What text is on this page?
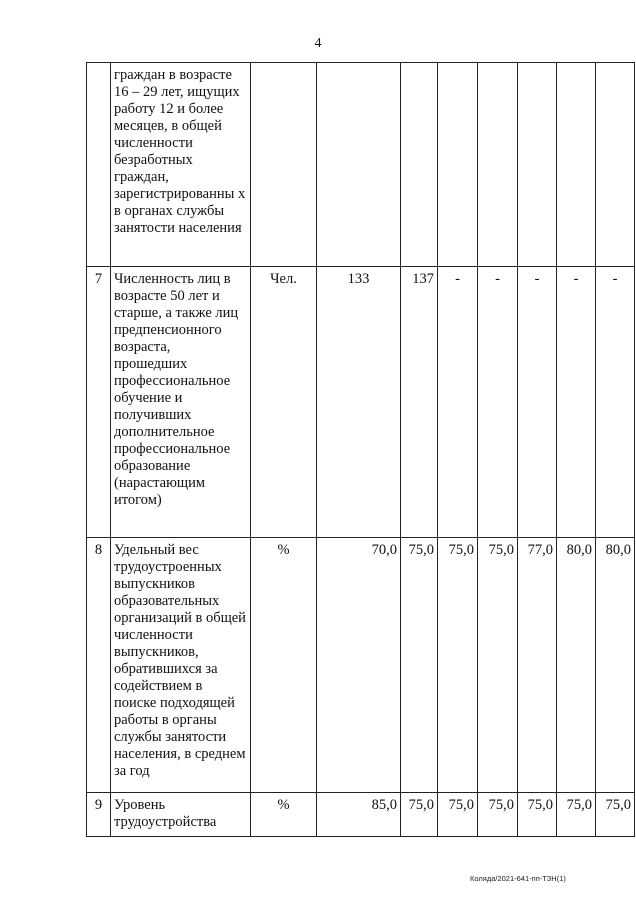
4
	граждан в возрасте 16 – 29 лет, ищущих работу 12 и более месяцев, в общей численности безработных граждан, зарегистрированны х в органах службы занятости населения								
7	Численность лиц в возрасте 50 лет и старше, а также лиц предпенсионного возраста, прошедших профессиональное обучение и получивших дополнительное профессиональное образование (нарастающим итогом)	Чел.	133	137	-	-	-	-	-
8	Удельный вес трудоустроенных выпускников образовательных организаций в общей численности выпускников, обратившихся за содействием в поиске подходящей работы в органы службы занятости населения, в среднем за год	%	70,0	75,0	75,0	75,0	77,0	80,0	80,0
9	Уровень трудоустройства	%	85,0	75,0	75,0	75,0	75,0	75,0	75,0
Коляда/2021-641-пп-ТЗН(1)
